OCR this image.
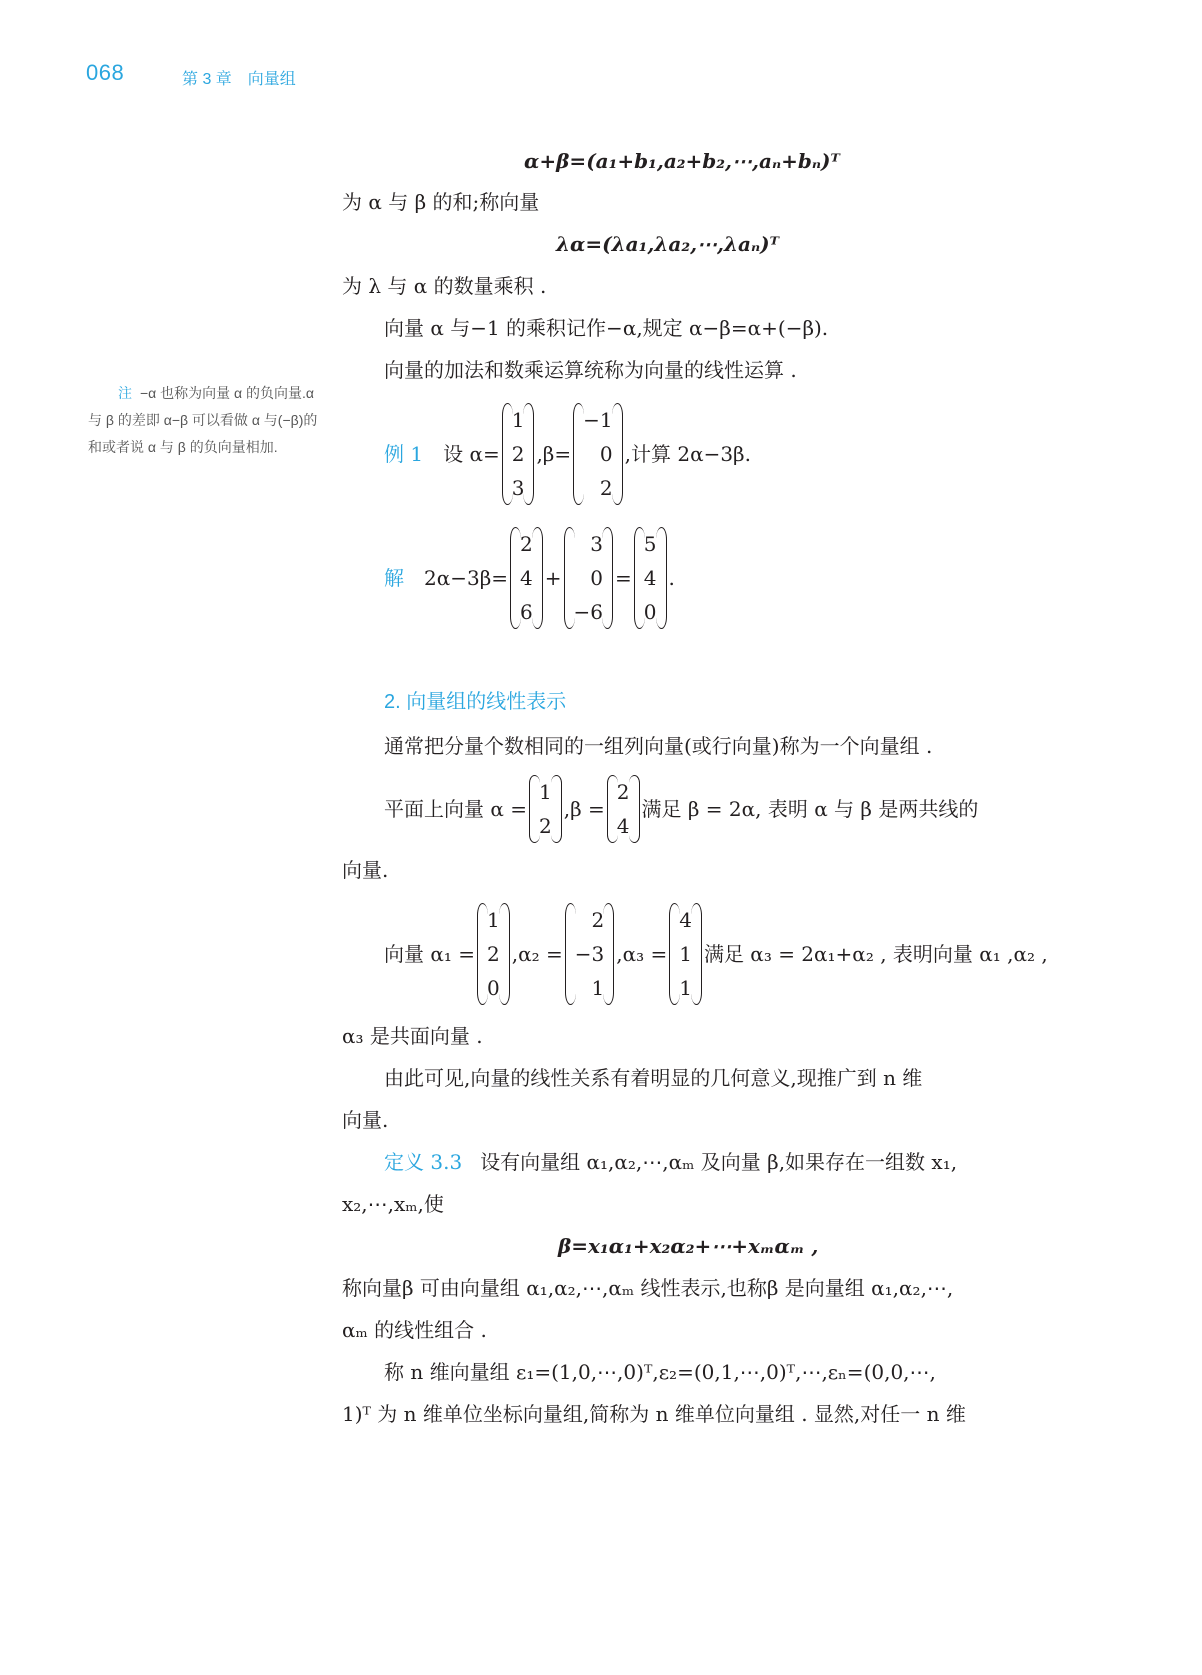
068	第 3 章　向量组
注 −α 也称为向量 α 的负向量.α 与 β 的差即 α−β 可以看做 α 与(−β)的和或者说 α 与 β 的负向量相加.
α+β=(a₁+b₁,a₂+b₂,⋯,aₙ+bₙ)ᵀ
为 α 与 β 的和;称向量
λα=(λa₁,λa₂,⋯,λaₙ)ᵀ
为 λ 与 α 的数量乘积 .
向量 α 与−1 的乘积记作−α,规定 α−β=α+(−β).
向量的加法和数乘运算统称为向量的线性运算 .
例 1 设 α=
1
2
3
,β=
−1
0
2
,计算 2α−3β.
解 2α−3β=
2
4
6
+
3
0
−6
=
5
4
0
.
2. 向量组的线性表示
通常把分量个数相同的一组列向量(或行向量)称为一个向量组 .
平面上向量 α =
1
2
,β =
2
4
满足 β = 2α, 表明 α 与 β 是两共线的
向量.
向量 α₁ =
1
2
0
,α₂ =
2
−3
1
,α₃ =
4
1
1
满足 α₃ = 2α₁+α₂ , 表明向量 α₁ ,α₂ ,
α₃ 是共面向量 .
由此可见,向量的线性关系有着明显的几何意义,现推广到 n 维
向量.
定义 3.3 设有向量组 α₁,α₂,⋯,αₘ 及向量 β,如果存在一组数 x₁,
x₂,⋯,xₘ,使
β=x₁α₁+x₂α₂+⋯+xₘαₘ ,
称向量β 可由向量组 α₁,α₂,⋯,αₘ 线性表示,也称β 是向量组 α₁,α₂,⋯,
αₘ 的线性组合 .
称 n 维向量组 ε₁=(1,0,⋯,0)ᵀ,ε₂=(0,1,⋯,0)ᵀ,⋯,εₙ=(0,0,⋯,
1)ᵀ 为 n 维单位坐标向量组,简称为 n 维单位向量组 . 显然,对任一 n 维
